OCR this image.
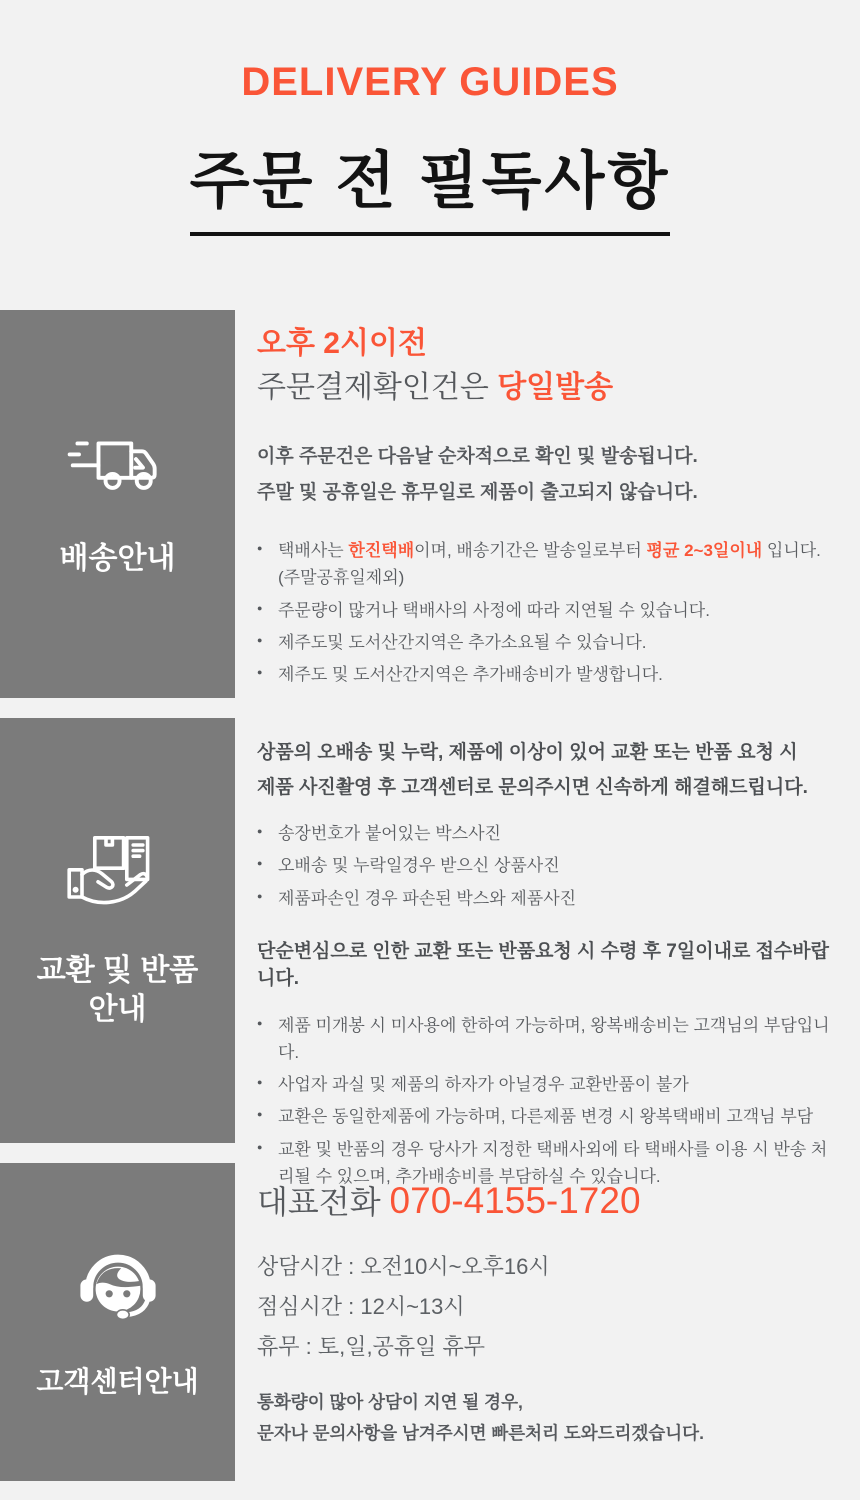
DELIVERY GUIDES
주문 전 필독사항
배송안내
오후 2시이전
주문결제확인건은 당일발송
이후 주문건은 다음날 순차적으로 확인 및 발송됩니다.
주말 및 공휴일은 휴무일로 제품이 출고되지 않습니다.
● 택배사는 한진택배이며, 배송기간은 발송일로부터 평균 2~3일이내 입니다.(주말공휴일제외)
● 주문량이 많거나 택배사의 사정에 따라 지연될 수 있습니다.
● 제주도및 도서산간지역은 추가소요될 수 있습니다.
● 제주도 및 도서산간지역은 추가배송비가 발생합니다.
교환 및 반품
안내
상품의 오배송 및 누락, 제품에 이상이 있어 교환 또는 반품 요청 시
제품 사진촬영 후 고객센터로 문의주시면 신속하게 해결해드립니다.
● 송장번호가 붙어있는 박스사진
● 오배송 및 누락일경우 받으신 상품사진
● 제품파손인 경우 파손된 박스와 제품사진
단순변심으로 인한 교환 또는 반품요청 시 수령 후 7일이내로 접수바랍니다.
● 제품 미개봉 시 미사용에 한하여 가능하며, 왕복배송비는 고객님의 부담입니다.
● 사업자 과실 및 제품의 하자가 아닐경우 교환반품이 불가
● 교환은 동일한제품에 가능하며, 다른제품 변경 시 왕복택배비 고객님 부담
● 교환 및 반품의 경우 당사가 지정한 택배사외에 타 택배사를 이용 시 반송 처리될 수 있으며, 추가배송비를 부담하실 수 있습니다.
고객센터안내
대표전화 070-4155-1720
상담시간 : 오전10시~오후16시
점심시간 : 12시~13시
휴무 : 토,일,공휴일 휴무
통화량이 많아 상담이 지연 될 경우,
문자나 문의사항을 남겨주시면 빠른처리 도와드리겠습니다.
